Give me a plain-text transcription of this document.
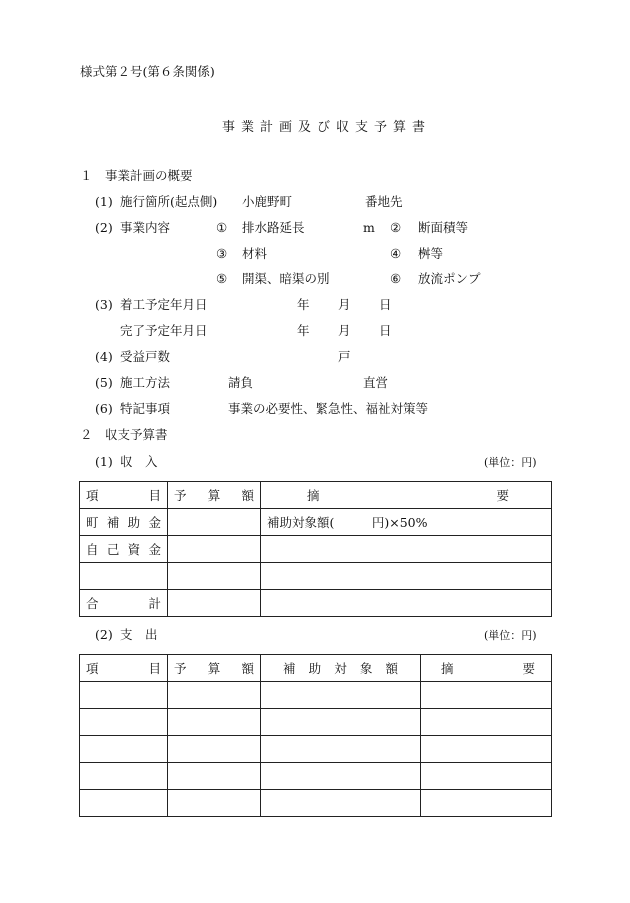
様式第２号(第６条関係)
事業計画及び収支予算書
１　事業計画の概要
(1) 施行箇所(起点側) 小鹿野町	番地先
(2) 事業内容	① 排水路延長	m ② 断面積等
③ 材料	④ 桝等
⑤ 開渠、暗渠の別	⑥ 放流ポンプ
(3) 着工予定年月日	年 月 日
完了予定年月日	年 月 日
(4) 受益戸数	戸
(5) 施工方法	請負	直営
(6) 特記事項	事業の必要性、緊急性、福祉対策等
２　収支予算書
(1) 収　入	(単位：円)
項 目	予 算 額	摘 要

町 補 助 金		補助対象額(　　　円)×50%

自 己 資 金		

合 計		

(2) 支　出	(単位：円)
項 目	予 算 額	補 助 対 象 額	摘 要
